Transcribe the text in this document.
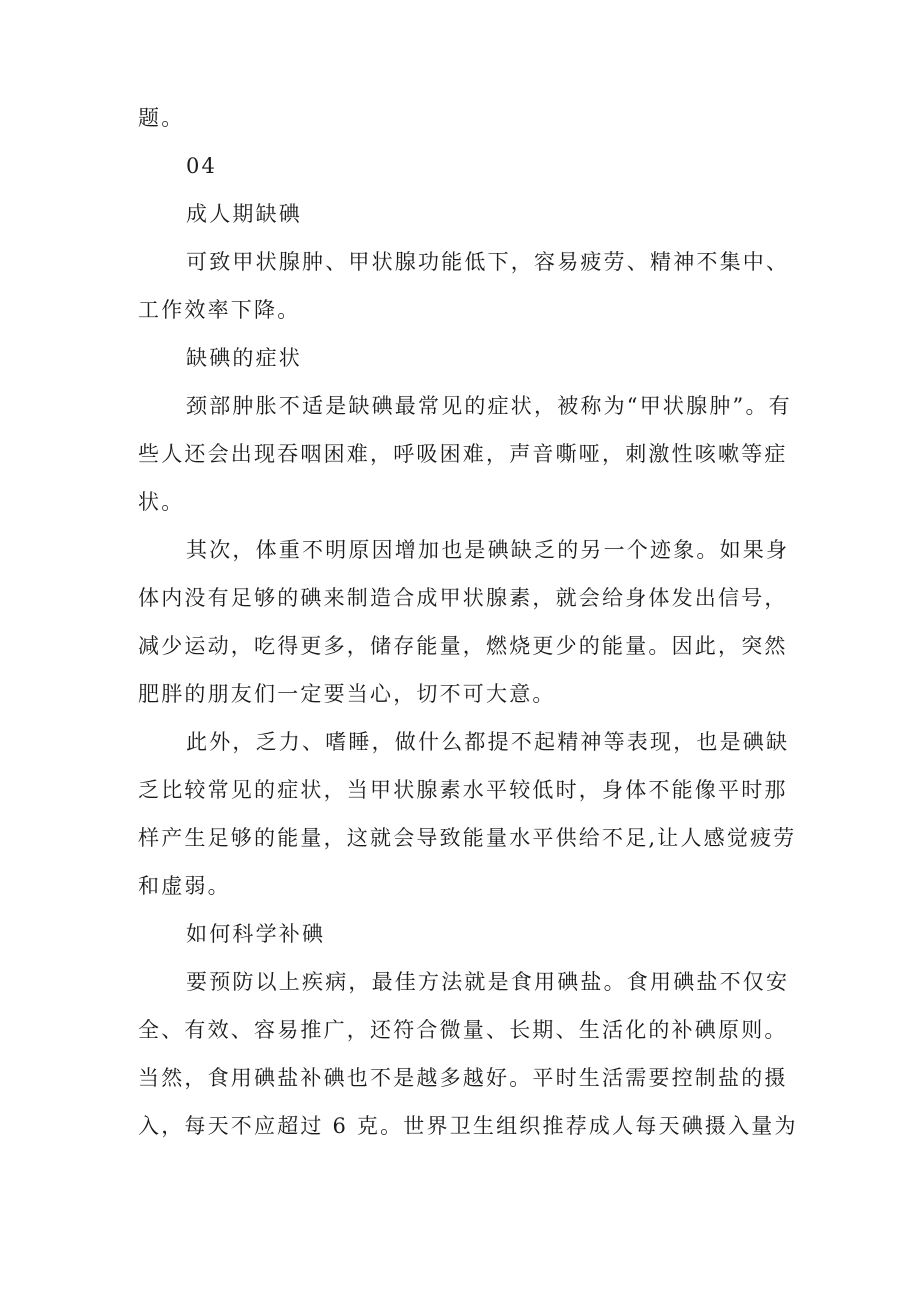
题。

04

成人期缺碘

可致甲状腺肿、甲状腺功能低下，容易疲劳、精神不集中、工作效率下降。

缺碘的症状

颈部肿胀不适是缺碘最常见的症状，被称为“甲状腺肿”。有些人还会出现吞咽困难，呼吸困难，声音嘶哑，刺激性咳嗽等症状。

其次，体重不明原因增加也是碘缺乏的另一个迹象。如果身体内没有足够的碘来制造合成甲状腺素，就会给身体发出信号，减少运动，吃得更多，储存能量，燃烧更少的能量。因此，突然肥胖的朋友们一定要当心，切不可大意。

此外，乏力、嗜睡，做什么都提不起精神等表现，也是碘缺乏比较常见的症状，当甲状腺素水平较低时，身体不能像平时那样产生足够的能量，这就会导致能量水平供给不足,让人感觉疲劳和虚弱。

如何科学补碘

要预防以上疾病，最佳方法就是食用碘盐。食用碘盐不仅安全、有效、容易推广，还符合微量、长期、生活化的补碘原则。当然，食用碘盐补碘也不是越多越好。平时生活需要控制盐的摄入，每天不应超过 6 克。世界卫生组织推荐成人每天碘摄入量为
